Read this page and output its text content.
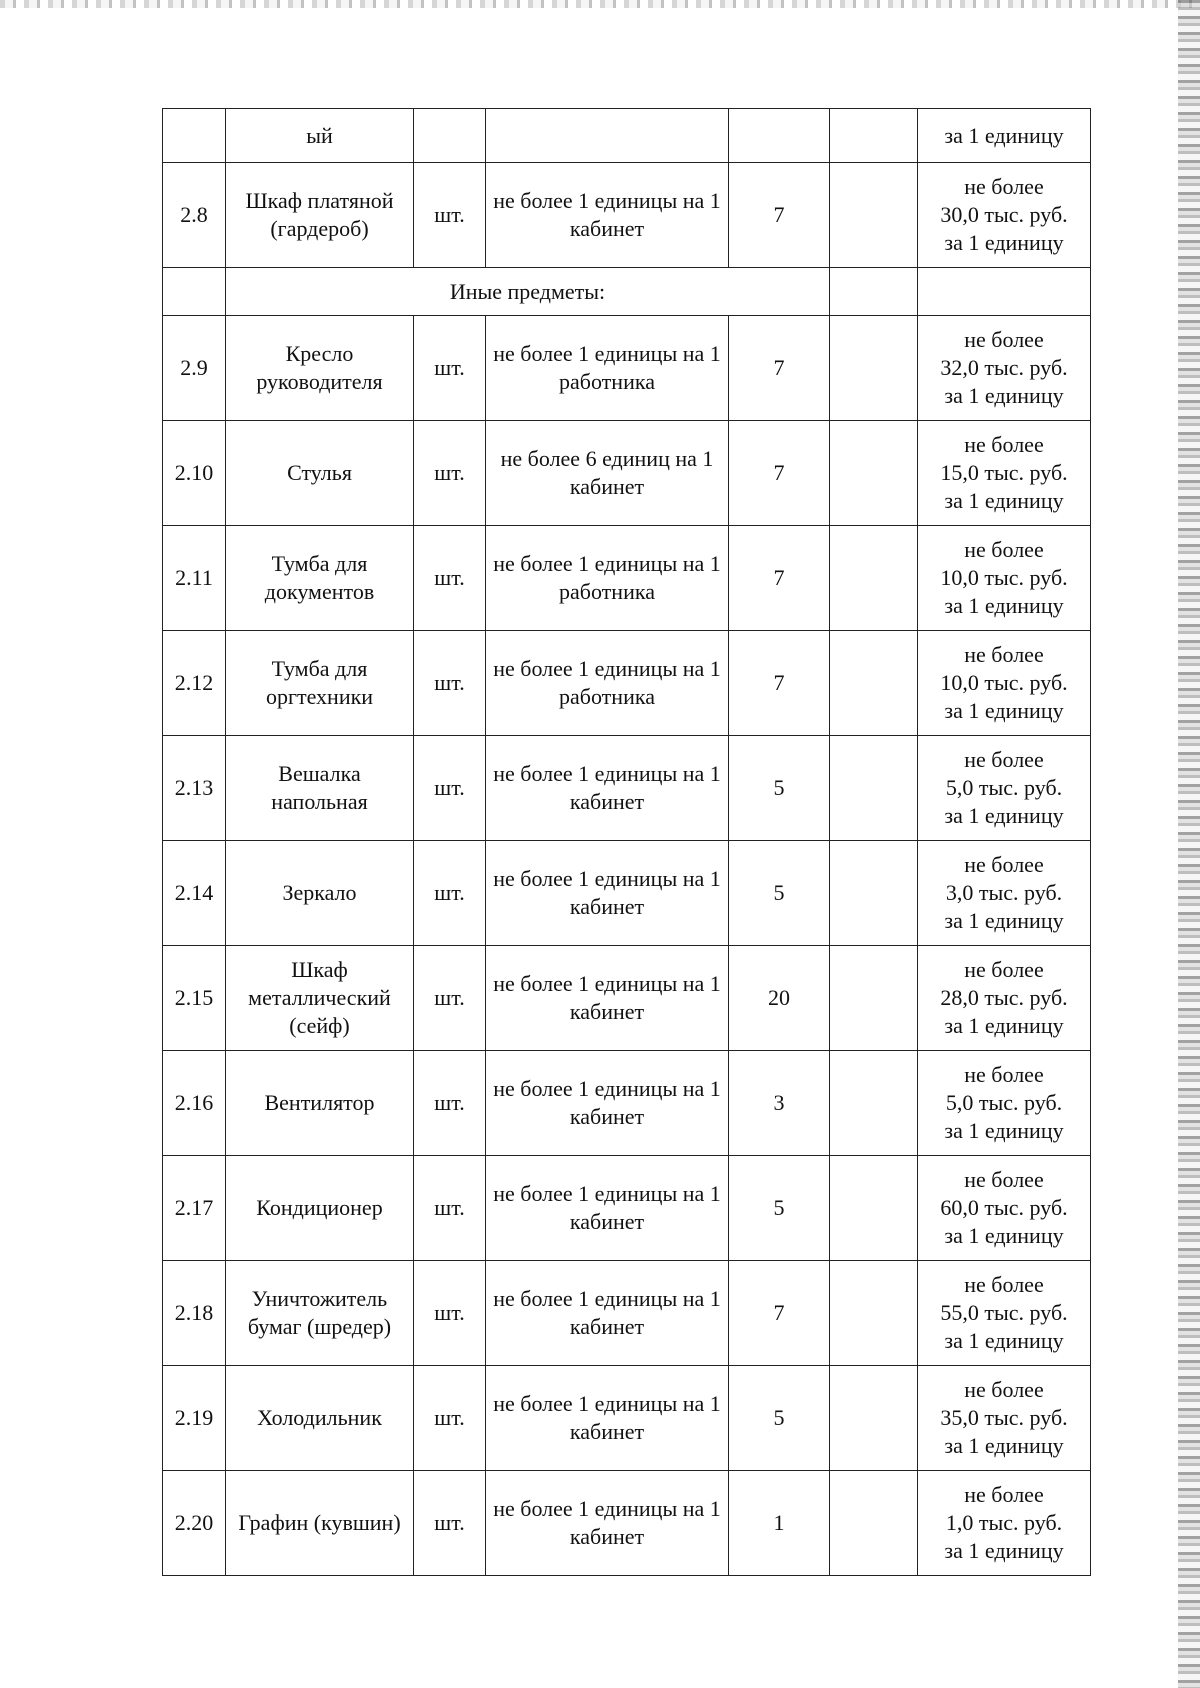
	ый					за 1 единицу
2.8	Шкаф платяной (гардероб)	шт.	не более 1 единицы на 1 кабинет	7		не более
30,0 тыс. руб.
за 1 единицу
	Иные предметы:					
2.9	Кресло руководителя	шт.	не более 1 единицы на 1 работника	7		не более
32,0 тыс. руб.
за 1 единицу
2.10	Стулья	шт.	не более 6 единиц на 1 кабинет	7		не более
15,0 тыс. руб.
за 1 единицу
2.11	Тумба для документов	шт.	не более 1 единицы на 1 работника	7		не более
10,0 тыс. руб.
за 1 единицу
2.12	Тумба для оргтехники	шт.	не более 1 единицы на 1 работника	7		не более
10,0 тыс. руб.
за 1 единицу
2.13	Вешалка напольная	шт.	не более 1 единицы на 1 кабинет	5		не более
5,0 тыс. руб.
за 1 единицу
2.14	Зеркало	шт.	не более 1 единицы на 1 кабинет	5		не более
3,0 тыс. руб.
за 1 единицу
2.15	Шкаф металлический (сейф)	шт.	не более 1 единицы на 1 кабинет	20		не более
28,0 тыс. руб.
за 1 единицу
2.16	Вентилятор	шт.	не более 1 единицы на 1 кабинет	3		не более
5,0 тыс. руб.
за 1 единицу
2.17	Кондиционер	шт.	не более 1 единицы на 1 кабинет	5		не более
60,0 тыс. руб.
за 1 единицу
2.18	Уничтожитель бумаг (шредер)	шт.	не более 1 единицы на 1 кабинет	7		не более
55,0 тыс. руб.
за 1 единицу
2.19	Холодильник	шт.	не более 1 единицы на 1 кабинет	5		не более
35,0 тыс. руб.
за 1 единицу
2.20	Графин (кувшин)	шт.	не более 1 единицы на 1 кабинет	1		не более
1,0 тыс. руб.
за 1 единицу
